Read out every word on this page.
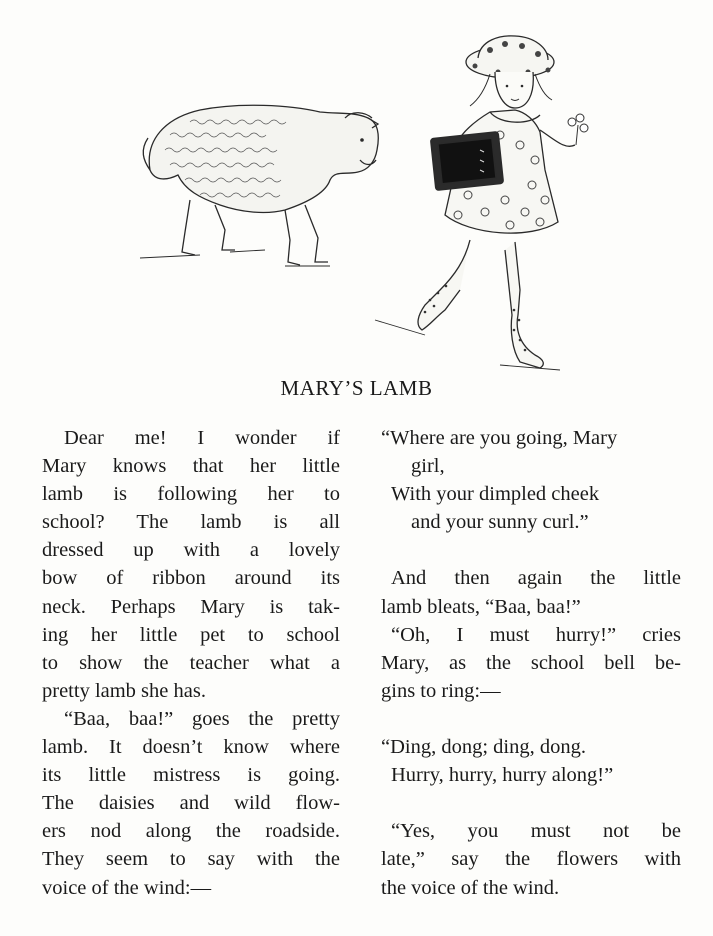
MARY’S LAMB
Dear me! I wonder if
Mary knows that her little
lamb is following her to
school? The lamb is all
dressed up with a lovely
bow of ribbon around its
neck. Perhaps Mary is tak-
ing her little pet to school
to show the teacher what a
pretty lamb she has.
“Baa, baa!” goes the pretty
lamb. It doesn’t know where
its little mistress is going.
The daisies and wild flow-
ers nod along the roadside.
They seem to say with the
voice of the wind:—
“Where are you going, Mary
girl,
With your dimpled cheek
and your sunny curl.”
And then again the little
lamb bleats, “Baa, baa!”
“Oh, I must hurry!” cries
Mary, as the school bell be-
gins to ring:—
“Ding, dong; ding, dong.
Hurry, hurry, hurry along!”
“Yes, you must not be
late,” say the flowers with
the voice of the wind.
